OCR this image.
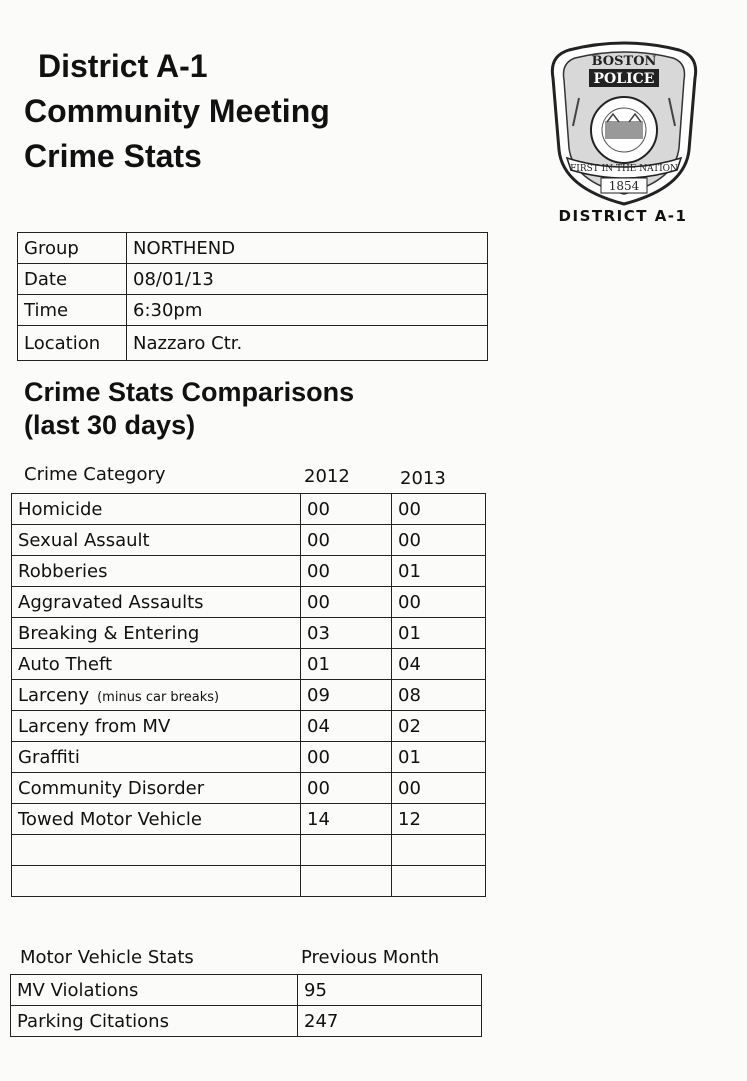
District A-1
Community Meeting
Crime Stats
BOSTON
POLICE
FIRST IN THE NATION
1854
DISTRICT A-1
Group	NORTHEND
Date	08/01/13
Time	6:30pm
Location	Nazzaro Ctr.
Crime Stats Comparisons
(last 30 days)
Crime Category	2012	2013
Homicide	00	00
Sexual Assault	00	00
Robberies	00	01
Aggravated Assaults	00	00
Breaking & Entering	03	01
Auto Theft	01	04
Larceny (minus car breaks)	09	08
Larceny from MV	04	02
Graffiti	00	01
Community Disorder	00	00
Towed Motor Vehicle	14	12

Motor Vehicle Stats	Previous Month
MV Violations	95
Parking Citations	247
